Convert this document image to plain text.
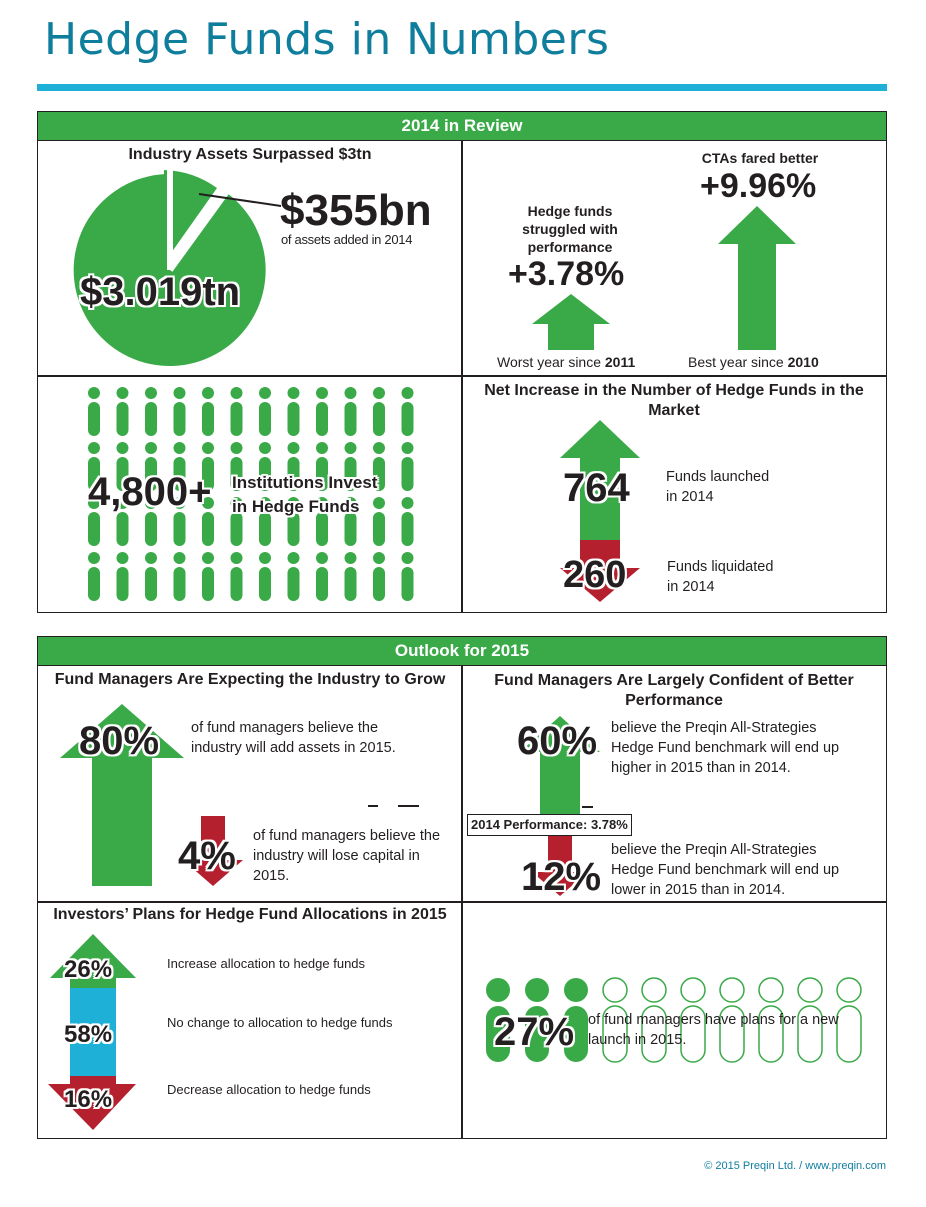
Hedge Funds in Numbers
2014 in Review
Industry Assets Surpassed $3tn
$355bn
of assets added in 2014
$3.019tn
Hedge funds struggled with performance
+3.78%
Worst year since 2011
CTAs fared better
+9.96%
Best year since 2010
4,800+ Institutions Invest
in Hedge Funds
Net Increase in the Number of Hedge Funds in the Market
764	Funds launched
in 2014
260	Funds liquidated
in 2014
Outlook for 2015
Fund Managers Are Expecting the Industry to Grow
80% of fund managers believe the industry will add assets in 2015.
4% of fund managers believe the industry will lose capital in 2015.
Fund Managers Are Largely Confident of Better Performance
2014 Performance: 3.78%
60% believe the Preqin All-Strategies Hedge Fund benchmark will end up higher in 2015 than in 2014.
12%
believe the Preqin All-Strategies Hedge Fund benchmark will end up lower in 2015 than in 2014.
Investors’ Plans for Hedge Fund Allocations in 2015
26%
58%
16%
Increase allocation to hedge funds
No change to allocation to hedge funds
Decrease allocation to hedge funds
27% of fund managers have plans for a new launch in 2015.
© 2015 Preqin Ltd. / www.preqin.com
